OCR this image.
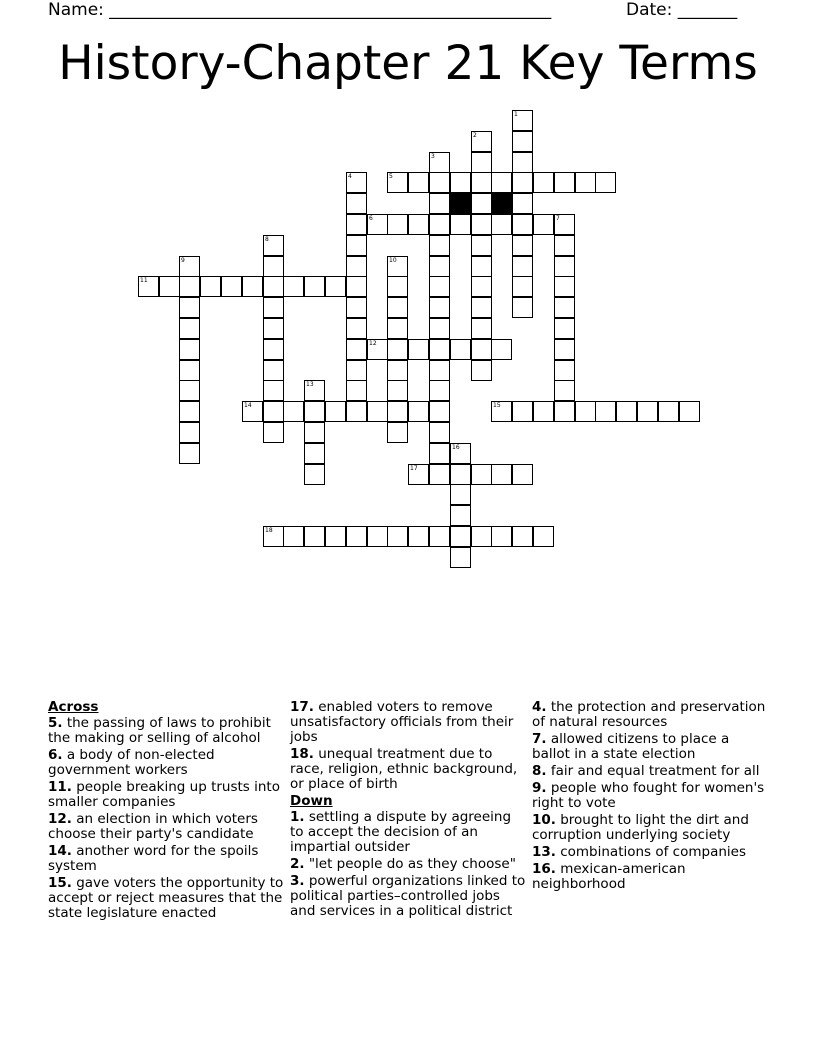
Name: ____________________________________________________	Date: _______
History-Chapter 21 Key Terms
1
2
3
4	5
6	7
8
9	10
11
12
13
14	15
16
17
18
Across
5. the passing of laws to prohibit the making or selling of alcohol
6. a body of non-elected government workers
11. people breaking up trusts into smaller companies
12. an election in which voters choose their party's candidate
14. another word for the spoils system
15. gave voters the opportunity to accept or reject measures that the state legislature enacted
17. enabled voters to remove unsatisfactory officials from their jobs
18. unequal treatment due to race, religion, ethnic background, or place of birth
Down
1. settling a dispute by agreeing to accept the decision of an impartial outsider
2. "let people do as they choose"
3. powerful organizations linked to political parties–controlled jobs and services in a political district
4. the protection and preservation of natural resources
7. allowed citizens to place a ballot in a state election
8. fair and equal treatment for all
9. people who fought for women's right to vote
10. brought to light the dirt and corruption underlying society
13. combinations of companies
16. mexican-american neighborhood
